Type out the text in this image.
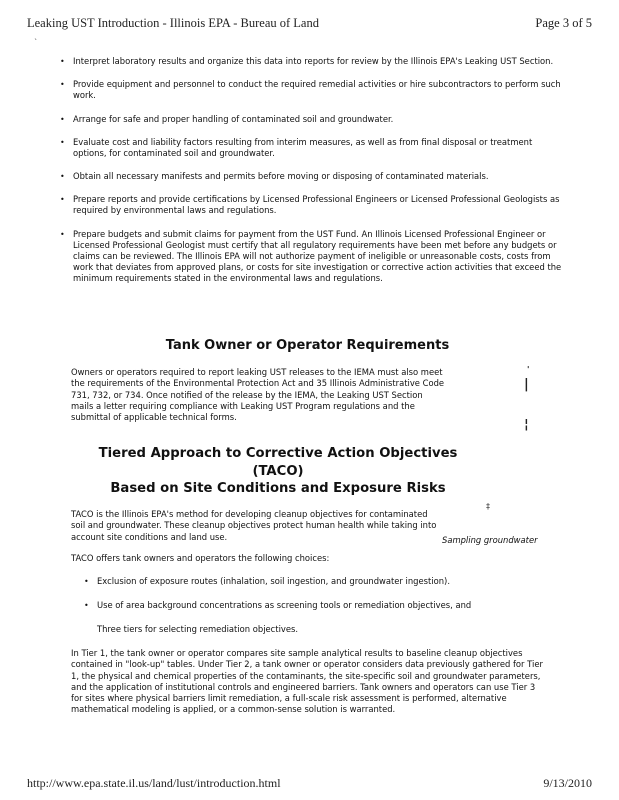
Leaking UST Introduction - Illinois EPA - Bureau of Land	Page 3 of 5
`
• Interpret laboratory results and organize this data into reports for review by the Illinois EPA's Leaking UST Section.
• Provide equipment and personnel to conduct the required remedial activities or hire subcontractors to perform such work.
• Arrange for safe and proper handling of contaminated soil and groundwater.
• Evaluate cost and liability factors resulting from interim measures, as well as from final disposal or treatment options, for contaminated soil and groundwater.
• Obtain all necessary manifests and permits before moving or disposing of contaminated materials.
• Prepare reports and provide certifications by Licensed Professional Engineers or Licensed Professional Geologists as required by environmental laws and regulations.
• Prepare budgets and submit claims for payment from the UST Fund. An Illinois Licensed Professional Engineer or Licensed Professional Geologist must certify that all regulatory requirements have been met before any budgets or claims can be reviewed. The Illinois EPA will not authorize payment of ineligible or unreasonable costs, costs from work that deviates from approved plans, or costs for site investigation or corrective action activities that exceed the minimum requirements stated in the environmental laws and regulations.
Tank Owner or Operator Requirements

Owners or operators required to report leaking UST releases to the IEMA must also meet the requirements of the Environmental Protection Act and 35 Illinois Administrative Code 731, 732, or 734. Once notified of the release by the IEMA, the Leaking UST Section mails a letter requiring compliance with Leaking UST Program regulations and the submittal of applicable technical forms.

'
|
¦
Tiered Approach to Corrective Action Objectives
(TACO)
Based on Site Conditions and Exposure Risks

TACO is the Illinois EPA's method for developing cleanup objectives for contaminated soil and groundwater. These cleanup objectives protect human health while taking into account site conditions and land use.

‡
Sampling groundwater

TACO offers tank owners and operators the following choices:

• Exclusion of exposure routes (inhalation, soil ingestion, and groundwater ingestion).
• Use of area background concentrations as screening tools or remediation objectives, and
Three tiers for selecting remediation objectives.

In Tier 1, the tank owner or operator compares site sample analytical results to baseline cleanup objectives contained in "look-up" tables. Under Tier 2, a tank owner or operator considers data previously gathered for Tier 1, the physical and chemical properties of the contaminants, the site-specific soil and groundwater parameters, and the application of institutional controls and engineered barriers. Tank owners and operators can use Tier 3 for sites where physical barriers limit remediation, a full-scale risk assessment is performed, alternative mathematical modeling is applied, or a common-sense solution is warranted.

http://www.epa.state.il.us/land/lust/introduction.html	9/13/2010
